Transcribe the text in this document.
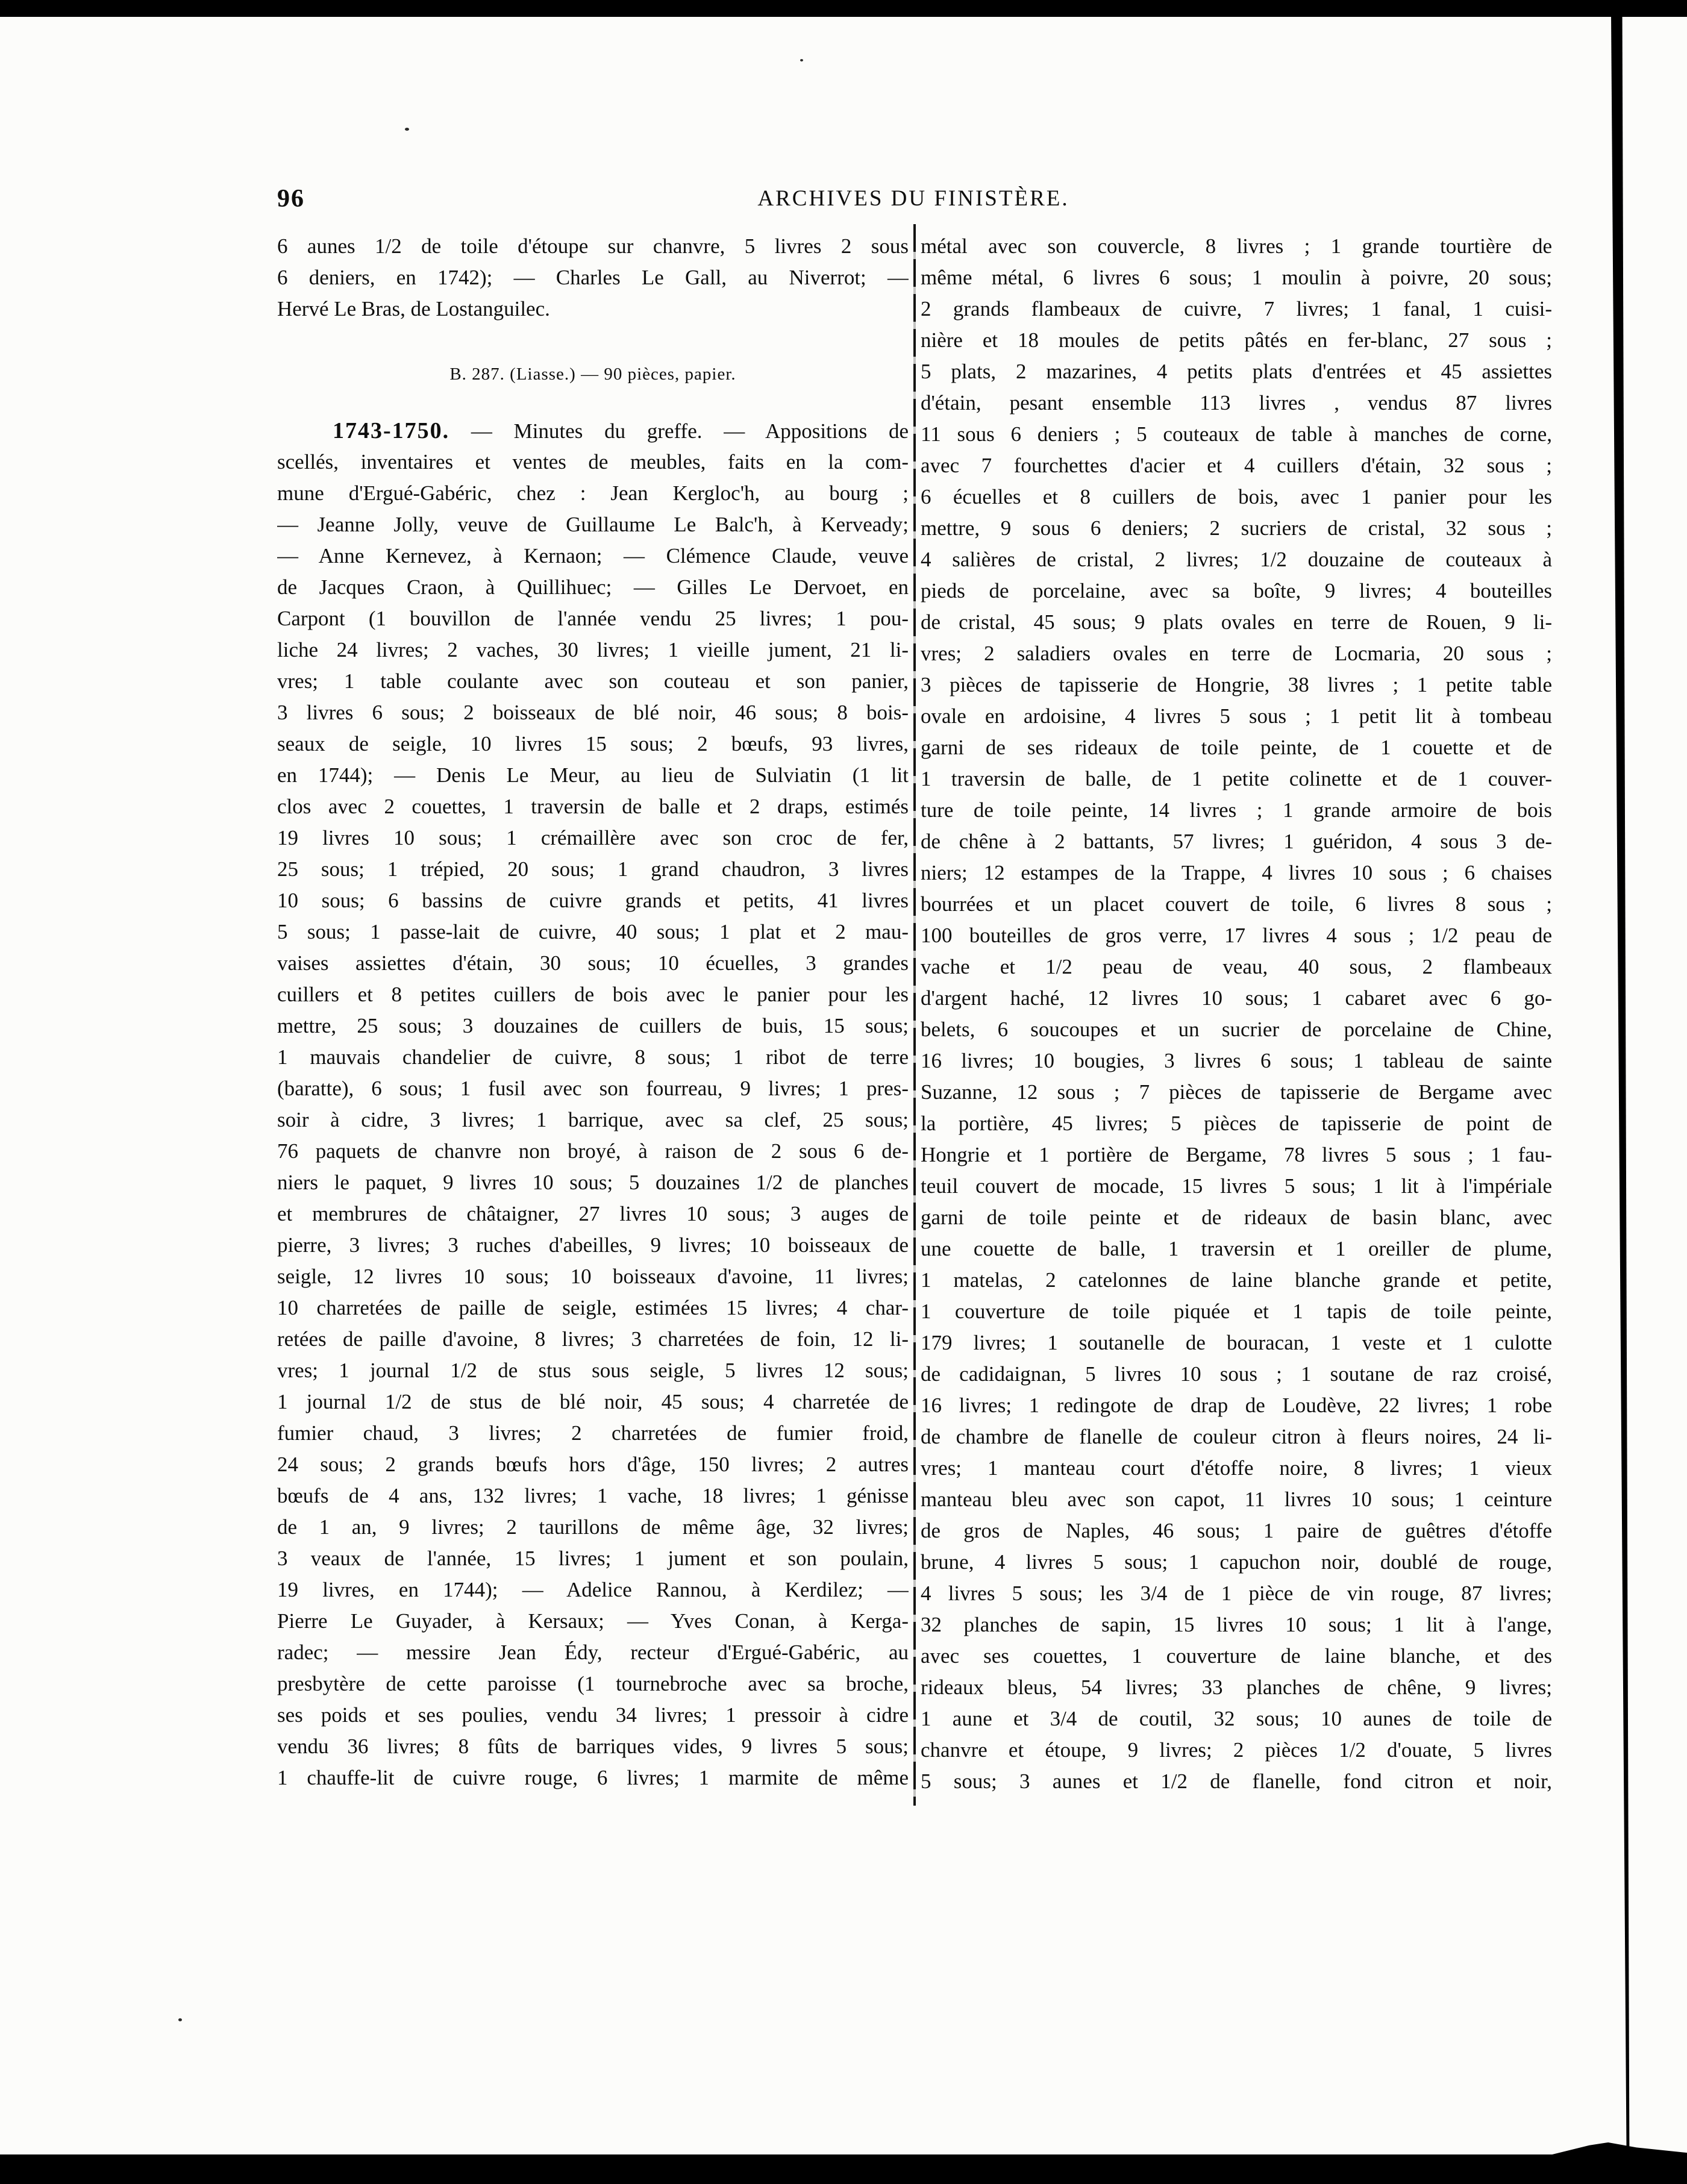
96	ARCHIVES DU FINISTÈRE.
6 aunes 1/2 de toile d'étoupe sur chanvre, 5 livres 2 sous
6 deniers, en 1742); — Charles Le Gall, au Niverrot; —
Hervé Le Bras, de Lostanguilec.
B. 287. (Liasse.) — 90 pièces, papier.
1743-1750. — Minutes du greffe. — Appositions de
scellés, inventaires et ventes de meubles, faits en la com-
mune d'Ergué-Gabéric, chez : Jean Kergloc'h, au bourg ;
— Jeanne Jolly, veuve de Guillaume Le Balc'h, à Kerveady;
— Anne Kernevez, à Kernaon; — Clémence Claude, veuve
de Jacques Craon, à Quillihuec; — Gilles Le Dervoet, en
Carpont (1 bouvillon de l'année vendu 25 livres; 1 pou-
liche 24 livres; 2 vaches, 30 livres; 1 vieille jument, 21 li-
vres; 1 table coulante avec son couteau et son panier,
3 livres 6 sous; 2 boisseaux de blé noir, 46 sous; 8 bois-
seaux de seigle, 10 livres 15 sous; 2 bœufs, 93 livres,
en 1744); — Denis Le Meur, au lieu de Sulviatin (1 lit
clos avec 2 couettes, 1 traversin de balle et 2 draps, estimés
19 livres 10 sous; 1 crémaillère avec son croc de fer,
25 sous; 1 trépied, 20 sous; 1 grand chaudron, 3 livres
10 sous; 6 bassins de cuivre grands et petits, 41 livres
5 sous; 1 passe-lait de cuivre, 40 sous; 1 plat et 2 mau-
vaises assiettes d'étain, 30 sous; 10 écuelles, 3 grandes
cuillers et 8 petites cuillers de bois avec le panier pour les
mettre, 25 sous; 3 douzaines de cuillers de buis, 15 sous;
1 mauvais chandelier de cuivre, 8 sous; 1 ribot de terre
(baratte), 6 sous; 1 fusil avec son fourreau, 9 livres; 1 pres-
soir à cidre, 3 livres; 1 barrique, avec sa clef, 25 sous;
76 paquets de chanvre non broyé, à raison de 2 sous 6 de-
niers le paquet, 9 livres 10 sous; 5 douzaines 1/2 de planches
et membrures de châtaigner, 27 livres 10 sous; 3 auges de
pierre, 3 livres; 3 ruches d'abeilles, 9 livres; 10 boisseaux de
seigle, 12 livres 10 sous; 10 boisseaux d'avoine, 11 livres;
10 charretées de paille de seigle, estimées 15 livres; 4 char-
retées de paille d'avoine, 8 livres; 3 charretées de foin, 12 li-
vres; 1 journal 1/2 de stus sous seigle, 5 livres 12 sous;
1 journal 1/2 de stus de blé noir, 45 sous; 4 charretée de
fumier chaud, 3 livres; 2 charretées de fumier froid,
24 sous; 2 grands bœufs hors d'âge, 150 livres; 2 autres
bœufs de 4 ans, 132 livres; 1 vache, 18 livres; 1 génisse
de 1 an, 9 livres; 2 taurillons de même âge, 32 livres;
3 veaux de l'année, 15 livres; 1 jument et son poulain,
19 livres, en 1744); — Adelice Rannou, à Kerdilez; —
Pierre Le Guyader, à Kersaux; — Yves Conan, à Kerga-
radec; — messire Jean Édy, recteur d'Ergué-Gabéric, au
presbytère de cette paroisse (1 tournebroche avec sa broche,
ses poids et ses poulies, vendu 34 livres; 1 pressoir à cidre
vendu 36 livres; 8 fûts de barriques vides, 9 livres 5 sous;
1 chauffe-lit de cuivre rouge, 6 livres; 1 marmite de même
métal avec son couvercle, 8 livres ; 1 grande tourtière de
même métal, 6 livres 6 sous; 1 moulin à poivre, 20 sous;
2 grands flambeaux de cuivre, 7 livres; 1 fanal, 1 cuisi-
nière et 18 moules de petits pâtés en fer-blanc, 27 sous ;
5 plats, 2 mazarines, 4 petits plats d'entrées et 45 assiettes
d'étain, pesant ensemble 113 livres , vendus 87 livres
11 sous 6 deniers ; 5 couteaux de table à manches de corne,
avec 7 fourchettes d'acier et 4 cuillers d'étain, 32 sous ;
6 écuelles et 8 cuillers de bois, avec 1 panier pour les
mettre, 9 sous 6 deniers; 2 sucriers de cristal, 32 sous ;
4 salières de cristal, 2 livres; 1/2 douzaine de couteaux à
pieds de porcelaine, avec sa boîte, 9 livres; 4 bouteilles
de cristal, 45 sous; 9 plats ovales en terre de Rouen, 9 li-
vres; 2 saladiers ovales en terre de Locmaria, 20 sous ;
3 pièces de tapisserie de Hongrie, 38 livres ; 1 petite table
ovale en ardoisine, 4 livres 5 sous ; 1 petit lit à tombeau
garni de ses rideaux de toile peinte, de 1 couette et de
1 traversin de balle, de 1 petite colinette et de 1 couver-
ture de toile peinte, 14 livres ; 1 grande armoire de bois
de chêne à 2 battants, 57 livres; 1 guéridon, 4 sous 3 de-
niers; 12 estampes de la Trappe, 4 livres 10 sous ; 6 chaises
bourrées et un placet couvert de toile, 6 livres 8 sous ;
100 bouteilles de gros verre, 17 livres 4 sous ; 1/2 peau de
vache et 1/2 peau de veau, 40 sous, 2 flambeaux
d'argent haché, 12 livres 10 sous; 1 cabaret avec 6 go-
belets, 6 soucoupes et un sucrier de porcelaine de Chine,
16 livres; 10 bougies, 3 livres 6 sous; 1 tableau de sainte
Suzanne, 12 sous ; 7 pièces de tapisserie de Bergame avec
la portière, 45 livres; 5 pièces de tapisserie de point de
Hongrie et 1 portière de Bergame, 78 livres 5 sous ; 1 fau-
teuil couvert de mocade, 15 livres 5 sous; 1 lit à l'impériale
garni de toile peinte et de rideaux de basin blanc, avec
une couette de balle, 1 traversin et 1 oreiller de plume,
1 matelas, 2 catelonnes de laine blanche grande et petite,
1 couverture de toile piquée et 1 tapis de toile peinte,
179 livres; 1 soutanelle de bouracan, 1 veste et 1 culotte
de cadidaignan, 5 livres 10 sous ; 1 soutane de raz croisé,
16 livres; 1 redingote de drap de Loudève, 22 livres; 1 robe
de chambre de flanelle de couleur citron à fleurs noires, 24 li-
vres; 1 manteau court d'étoffe noire, 8 livres; 1 vieux
manteau bleu avec son capot, 11 livres 10 sous; 1 ceinture
de gros de Naples, 46 sous; 1 paire de guêtres d'étoffe
brune, 4 livres 5 sous; 1 capuchon noir, doublé de rouge,
4 livres 5 sous; les 3/4 de 1 pièce de vin rouge, 87 livres;
32 planches de sapin, 15 livres 10 sous; 1 lit à l'ange,
avec ses couettes, 1 couverture de laine blanche, et des
rideaux bleus, 54 livres; 33 planches de chêne, 9 livres;
1 aune et 3/4 de coutil, 32 sous; 10 aunes de toile de
chanvre et étoupe, 9 livres; 2 pièces 1/2 d'ouate, 5 livres
5 sous; 3 aunes et 1/2 de flanelle, fond citron et noir,
